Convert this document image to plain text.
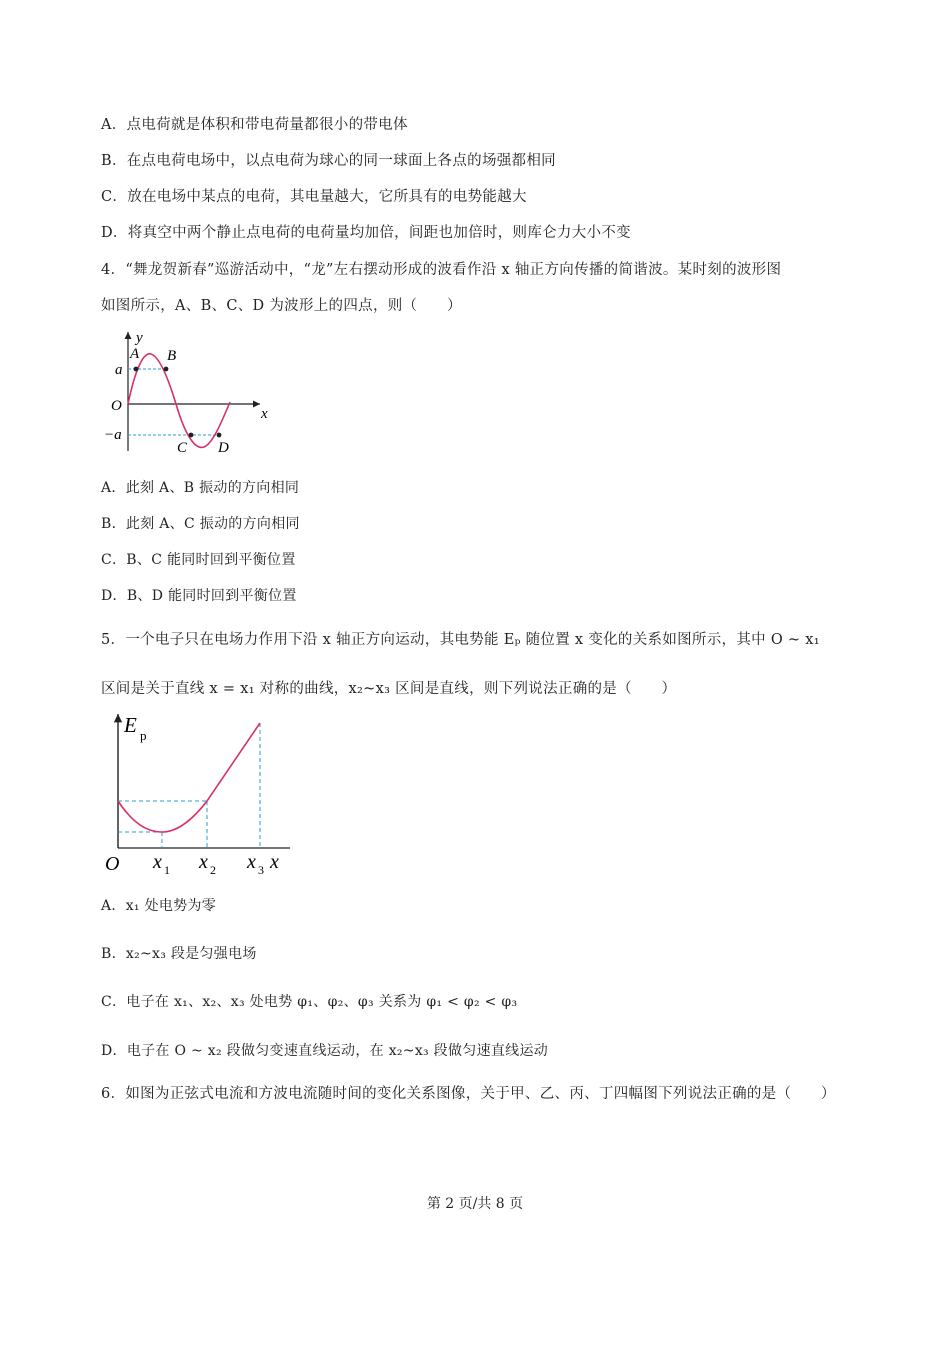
A．点电荷就是体积和带电荷量都很小的带电体
B．在点电荷电场中，以点电荷为球心的同一球面上各点的场强都相同
C．放在电场中某点的电荷，其电量越大，它所具有的电势能越大
D．将真空中两个静止点电荷的电荷量均加倍，间距也加倍时，则库仑力大小不变
4．“舞龙贺新春”巡游活动中，“龙”左右摆动形成的波看作沿 x 轴正方向传播的简谐波。某时刻的波形图
如图所示，A、B、C、D 为波形上的四点，则（　　）
y
x
O
a
−a
A B
C D
A．此刻 A、B 振动的方向相同
B．此刻 A、C 振动的方向相同
C．B、C 能同时回到平衡位置
D．B、D 能同时回到平衡位置
5．一个电子只在电场力作用下沿 x 轴正方向运动，其电势能 Eₚ 随位置 x 变化的关系如图所示，其中 O ~ x₁
区间是关于直线 x = x₁ 对称的曲线，x₂~x₃ 区间是直线，则下列说法正确的是（　　）
E p
O x 1 x 2 x 3 x
A．x₁ 处电势为零
B．x₂~x₃ 段是匀强电场
C．电子在 x₁、x₂、x₃ 处电势 φ₁、φ₂、φ₃ 关系为 φ₁ < φ₂ < φ₃
D．电子在 O ~ x₂ 段做匀变速直线运动，在 x₂~x₃ 段做匀速直线运动
6．如图为正弦式电流和方波电流随时间的变化关系图像，关于甲、乙、丙、丁四幅图下列说法正确的是（　　）
第 2 页/共 8 页
